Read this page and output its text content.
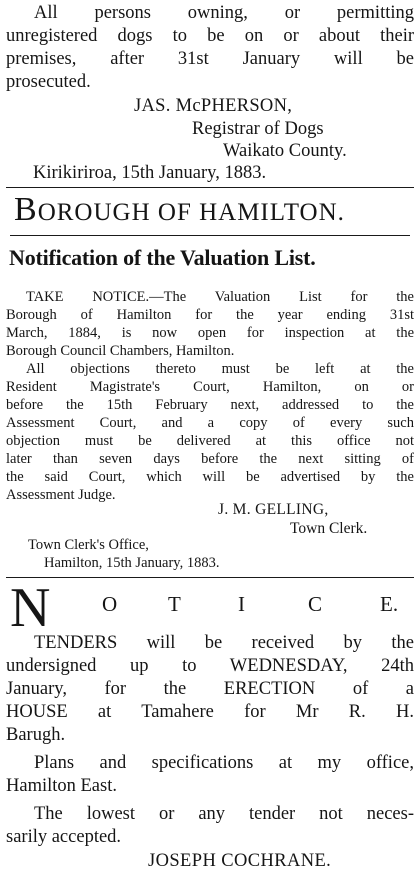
All persons owning, or permitting
unregistered dogs to be on or about their
premises, after 31st January will be
prosecuted.
JAS. McPHERSON,
Registrar of Dogs
Waikato County.
Kirikiriroa, 15th January, 1883.
BOROUGH OF HAMILTON.
Notification of the Valuation List.
TAKE NOTICE.—The Valuation List for the
Borough of Hamilton for the year ending 31st
March, 1884, is now open for inspection at the
Borough Council Chambers, Hamilton.
All objections thereto must be left at the
Resident Magistrate's Court, Hamilton, on or
before the 15th February next, addressed to the
Assessment Court, and a copy of every such
objection must be delivered at this office not
later than seven days before the next sitting of
the said Court, which will be advertised by the
Assessment Judge.
J. M. GELLING,
Town Clerk.
Town Clerk's Office,
Hamilton, 15th January, 1883.
N O T	I	C	E.
TENDERS will be received by the
undersigned up to WEDNESDAY, 24th
January, for the ERECTION of a
HOUSE at Tamahere for Mr R. H.
Barugh.
Plans and specifications at my office,
Hamilton East.
The lowest or any tender not neces-
sarily accepted.
JOSEPH COCHRANE.
